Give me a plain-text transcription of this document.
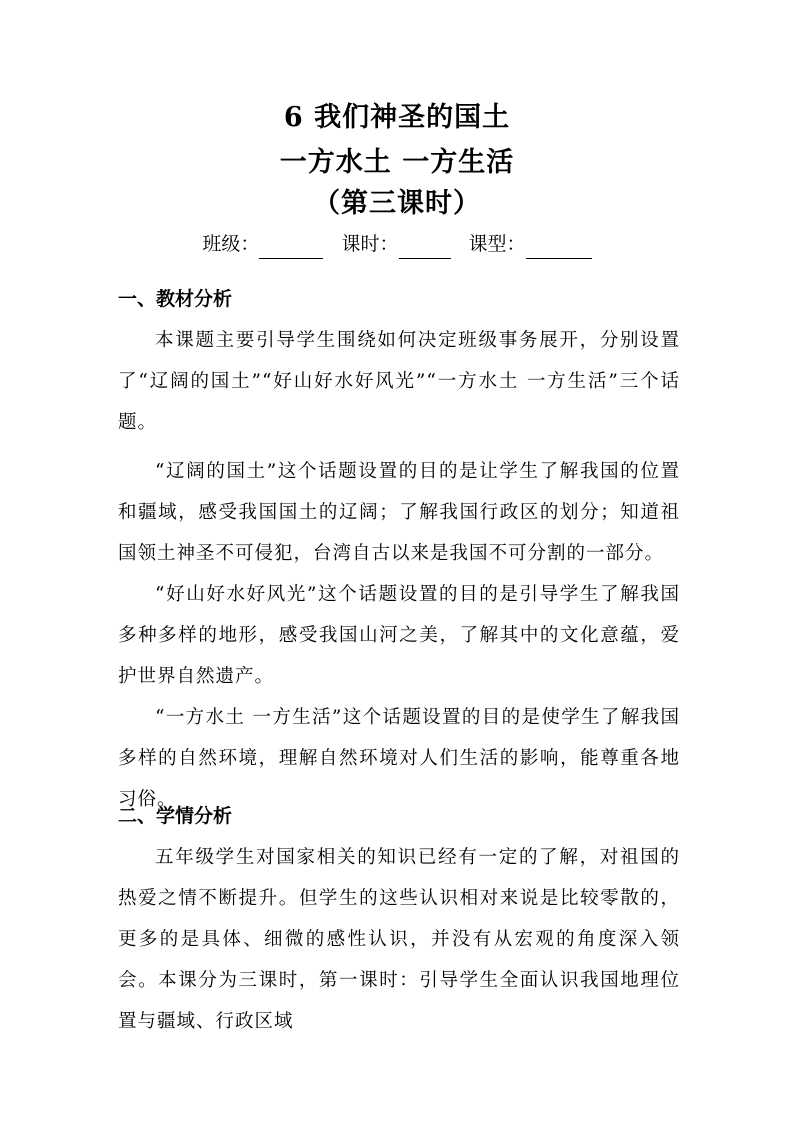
6 我们神圣的国土
一方水土 一方生活
（第三课时）
班级：	课时：	课型：
一、教材分析

本课题主要引导学生围绕如何决定班级事务展开，分别设置了“辽阔的国土”“好山好水好风光”“一方水土 一方生活”三个话题。

“辽阔的国土”这个话题设置的目的是让学生了解我国的位置和疆域，感受我国国土的辽阔；了解我国行政区的划分；知道祖国领土神圣不可侵犯，台湾自古以来是我国不可分割的一部分。

“好山好水好风光”这个话题设置的目的是引导学生了解我国多种多样的地形，感受我国山河之美，了解其中的文化意蕴，爱护世界自然遗产。

“一方水土 一方生活”这个话题设置的目的是使学生了解我国多样的自然环境，理解自然环境对人们生活的影响，能尊重各地习俗。

二、学情分析

五年级学生对国家相关的知识已经有一定的了解，对祖国的热爱之情不断提升。但学生的这些认识相对来说是比较零散的，更多的是具体、细微的感性认识，并没有从宏观的角度深入领会。本课分为三课时，第一课时：引导学生全面认识我国地理位置与疆域、行政区域
